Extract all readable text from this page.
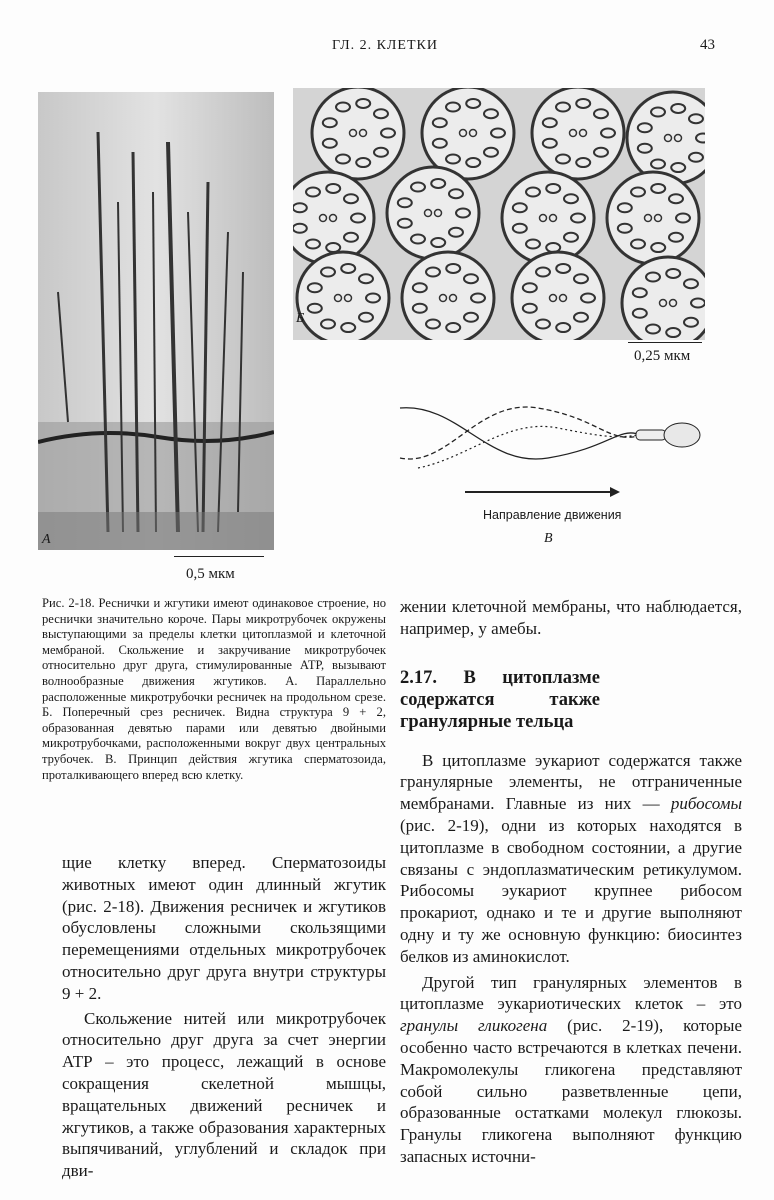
ГЛ. 2. КЛЕТКИ	43
А
0,5 мкм
Б
0,25 мкм
Направление движения
В
Рис. 2-18. Реснички и жгутики имеют одинаковое строение, но реснички значительно короче. Пары микротрубочек окружены выступающими за пределы клетки цитоплазмой и клеточной мембраной. Скольжение и закручивание микротрубочек относительно друг друга, стимулированные АТР, вызывают волнообразные движения жгутиков. А. Параллельно расположенные микротрубочки ресничек на продольном срезе. Б. Поперечный срез ресничек. Видна структура 9 + 2, образованная девятью парами или девятью двойными микротрубочками, расположенными вокруг двух центральных трубочек. В. Принцип действия жгутика сперматозоида, проталкивающего вперед всю клетку.

щие клетку вперед. Сперматозоиды животных имеют один длинный жгутик (рис. 2-18). Движения ресничек и жгутиков обусловлены сложными скользящими перемещениями отдельных микротрубочек относительно друг друга внутри структуры 9 + 2.

Скольжение нитей или микротрубочек относительно друг друга за счет энергии АТР – это процесс, лежащий в основе сокращения скелетной мышцы, вращательных движений ресничек и жгутиков, а также образования характерных выпячиваний, углублений и складок при дви-

жении клеточной мембраны, что наблюдается, например, у амебы.

2.17. В цитоплазме содержатся также гранулярные тельца

В цитоплазме эукариот содержатся также гранулярные элементы, не отграниченные мембранами. Главные из них — рибосомы (рис. 2-19), одни из которых находятся в цитоплазме в свободном состоянии, а другие связаны с эндоплазматическим ретикулумом. Рибосомы эукариот крупнее рибосом прокариот, однако и те и другие выполняют одну и ту же основную функцию: биосинтез белков из аминокислот.

Другой тип гранулярных элементов в цитоплазме эукариотических клеток – это гранулы гликогена (рис. 2-19), которые особенно часто встречаются в клетках печени. Макромолекулы гликогена представляют собой сильно разветвленные цепи, образованные остатками молекул глюкозы. Гранулы гликогена выполняют функцию запасных источни-
